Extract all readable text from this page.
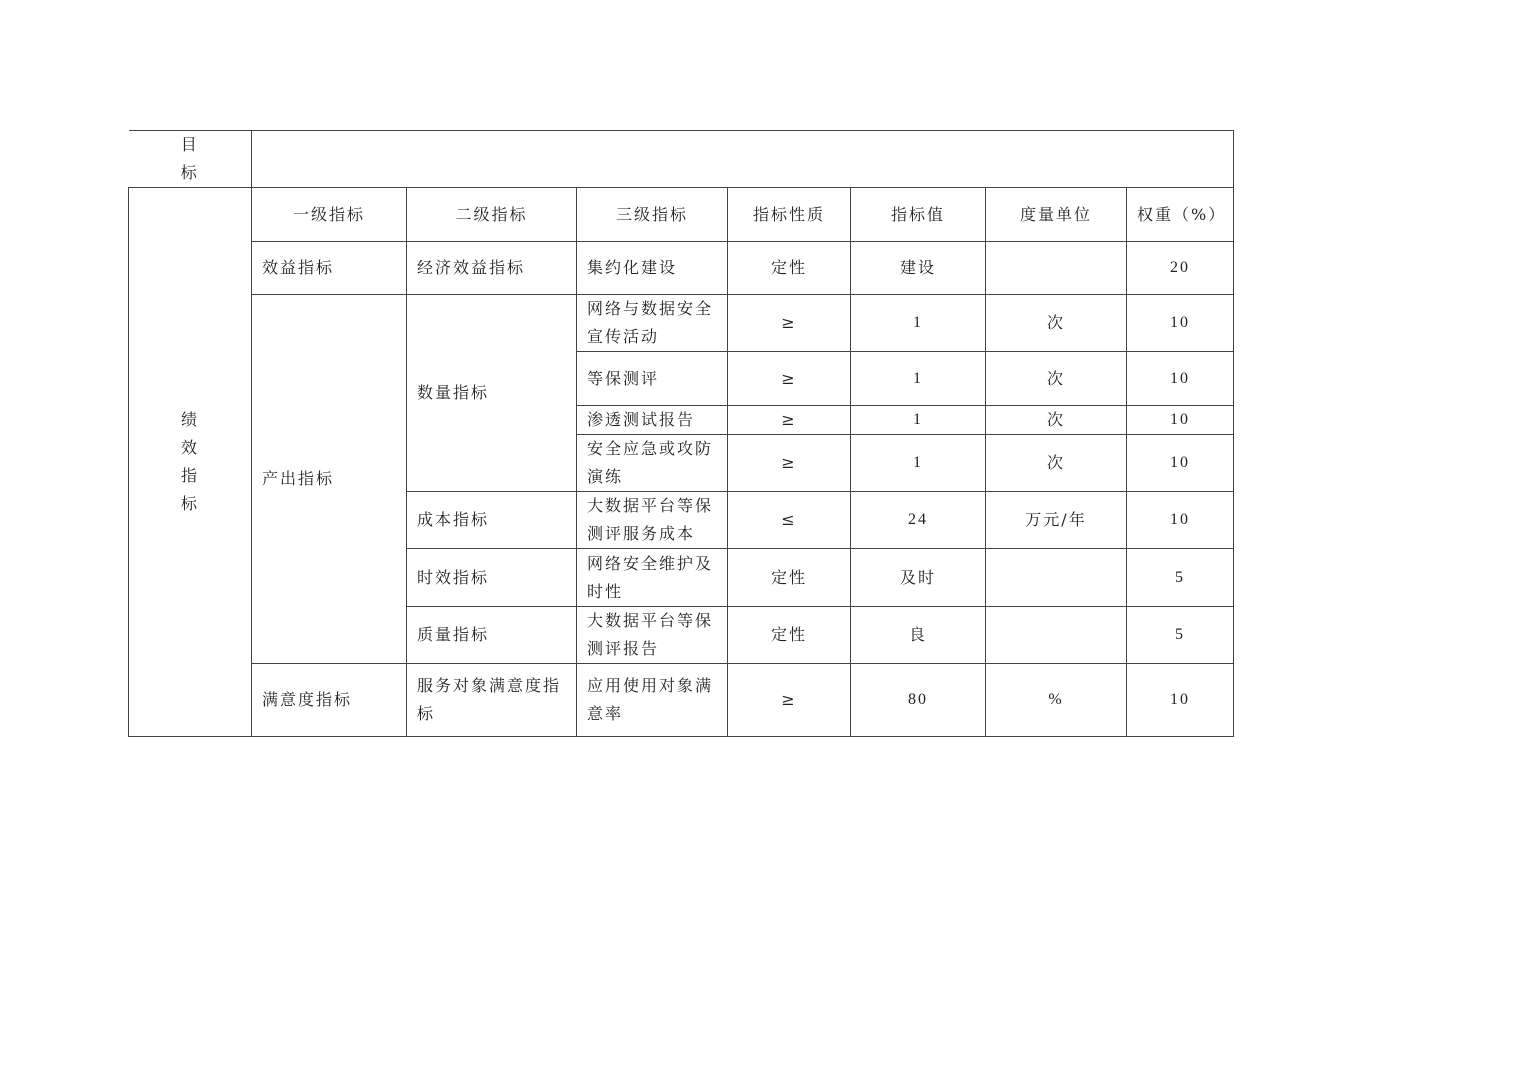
目标							
绩效指标	一级指标	二级指标	三级指标	指标性质	指标值	度量单位	权重（%）
	效益指标	经济效益指标	集约化建设	定性	建设		20
	产出指标	数量指标	网络与数据安全宣传活动	≥	1	次	10
			等保测评	≥	1	次	10
			渗透测试报告	≥	1	次	10
			安全应急或攻防演练	≥	1	次	10
		成本指标	大数据平台等保测评服务成本	≤	24	万元/年	10
		时效指标	网络安全维护及时性	定性	及时		5
		质量指标	大数据平台等保测评报告	定性	良		5
	满意度指标	服务对象满意度指标	应用使用对象满意率	≥	80	%	10
